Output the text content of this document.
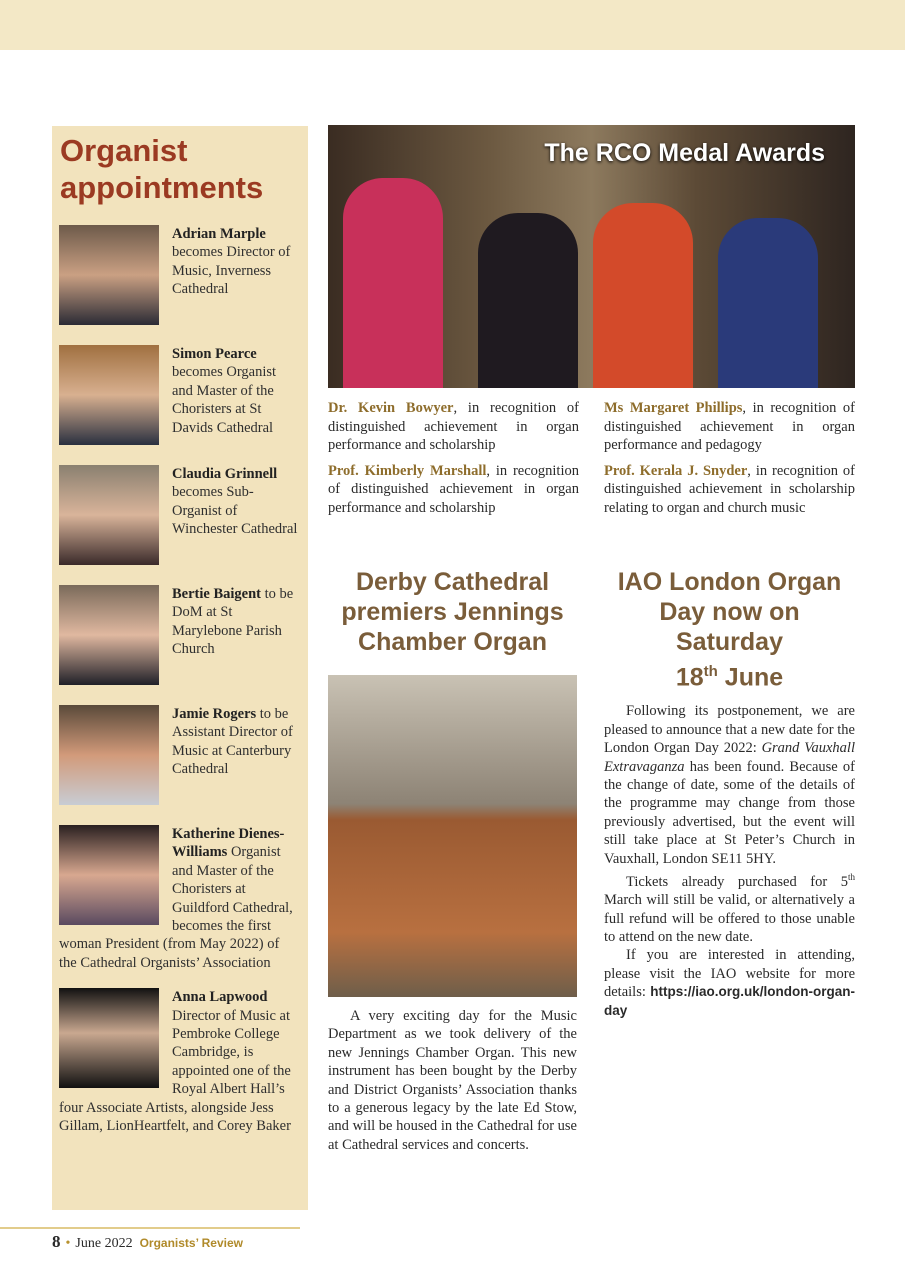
Organist appointments
Adrian Marple becomes Director of Music, Inverness Cathedral
Simon Pearce becomes Organist and Master of the Choristers at St Davids Cathedral
Claudia Grinnell becomes Sub-Organist of Winchester Cathedral
Bertie Baigent to be DoM at St Marylebone Parish Church
Jamie Rogers to be Assistant Director of Music at Canterbury Cathedral
Katherine Dienes-Williams Organist and Master of the Choristers at Guildford Cathedral, becomes the first woman President (from May 2022) of the Cathedral Organists’ Association
Anna Lapwood Director of Music at Pembroke College Cambridge, is appointed one of the Royal Albert Hall’s four Associate Artists, alongside Jess Gillam, LionHeartfelt, and Corey Baker
The RCO Medal Awards
Dr. Kevin Bowyer, in recognition of distinguished achievement in organ performance and scholarship
Ms Margaret Phillips, in recognition of distinguished achievement in organ performance and pedagogy
Prof. Kimberly Marshall, in recognition of distinguished achievement in organ performance and scholarship
Prof. Kerala J. Snyder, in recognition of distinguished achievement in scholarship relating to organ and church music
Derby Cathedral premiers Jennings Chamber Organ

A very exciting day for the Music Department as we took delivery of the new Jennings Chamber Organ. This new instrument has been bought by the Derby and District Organists’ Association thanks to a generous legacy by the late Ed Stow, and will be housed in the Cathedral for use at Cathedral services and concerts.

IAO London Organ Day now on Saturday
18th June

Following its postponement, we are pleased to announce that a new date for the London Organ Day 2022: Grand Vauxhall Extravaganza has been found. Because of the change of date, some of the details of the programme may change from those previously advertised, but the event will still take place at St Peter’s Church in Vauxhall, London SE11 5HY.

Tickets already purchased for 5th March will still be valid, or alternatively a full refund will be offered to those unable to attend on the new date.

If you are interested in attending, please visit the IAO website for more details: https://iao.org.uk/london-organ-day

8 • June 2022 Organists’ Review
